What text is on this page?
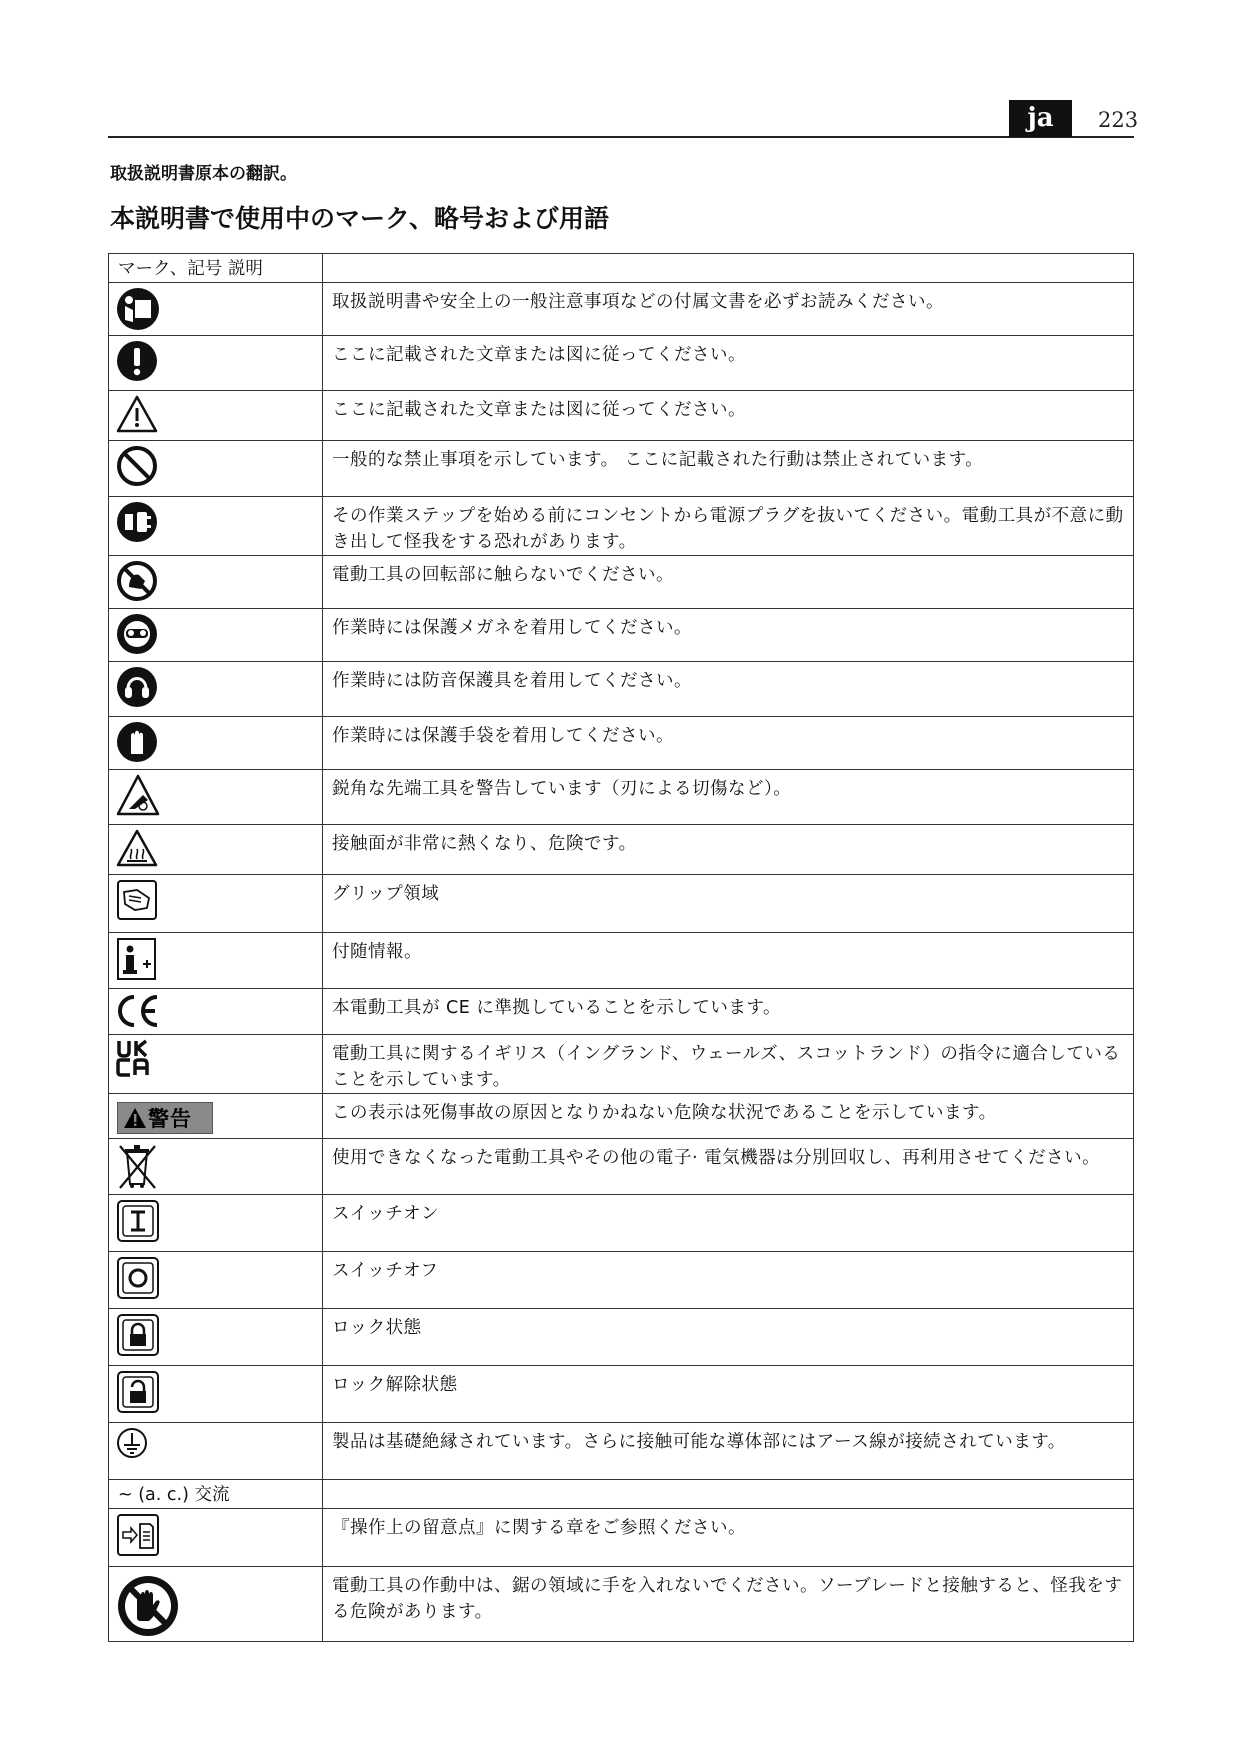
ja	223
取扱説明書原本の翻訳。
本説明書で使用中のマーク、略号および用語
マーク、記号 説明	

	取扱説明書や安全上の一般注意事項などの付属文書を必ずお読みください。

	ここに記載された文章または図に従ってください。

	ここに記載された文章または図に従ってください。

	一般的な禁止事項を示しています。 ここに記載された行動は禁止されています。

	その作業ステップを始める前にコンセントから電源プラグを抜いてください。電動工具が不意に動き出して怪我をする恐れがあります。

	電動工具の回転部に触らないでください。

	作業時には保護メガネを着用してください。

	作業時には防音保護具を着用してください。

	作業時には保護手袋を着用してください。

	鋭角な先端工具を警告しています（刃による切傷など）。

	接触面が非常に熱くなり、危険です。

	グリップ領域

	付随情報。

	本電動工具が CE に準拠していることを示しています。

	電動工具に関するイギリス（イングランド、ウェールズ、スコットランド）の指令に適合していることを示しています。

警告	この表示は死傷事故の原因となりかねない危険な状況であることを示しています。

	使用できなくなった電動工具やその他の電子· 電気機器は分別回収し、再利用させてください。

	スイッチオン

	スイッチオフ

	ロック状態

	ロック解除状態

	製品は基礎絶縁されています。さらに接触可能な導体部にはアース線が接続されています。
~ (a. c.) 交流	

	『操作上の留意点』に関する章をご参照ください。

	電動工具の作動中は、鋸の領域に手を入れないでください。ソーブレードと接触すると、怪我をする危険があります。
